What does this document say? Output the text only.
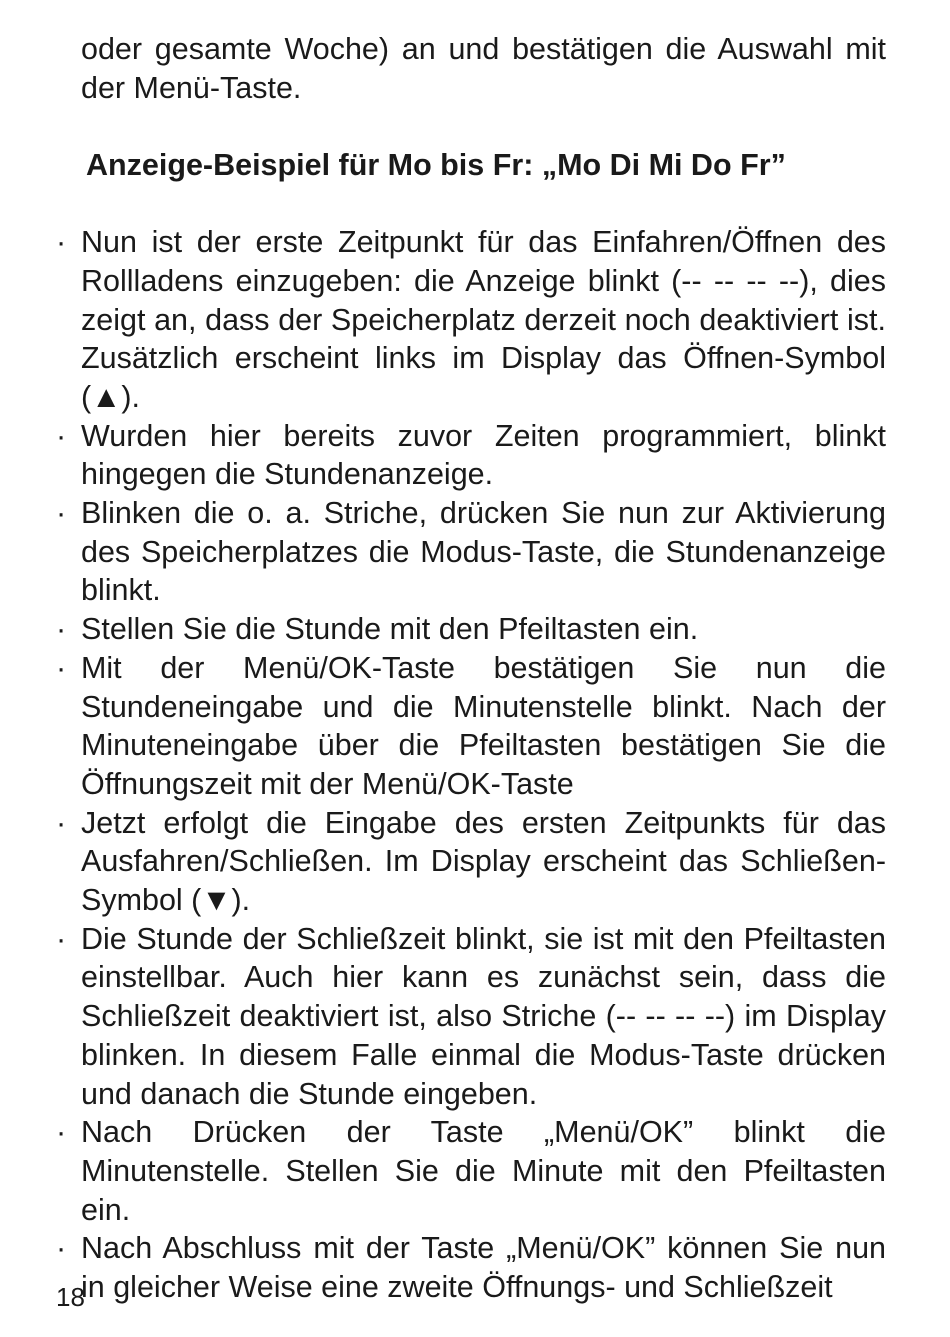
oder gesamte Woche) an und bestätigen die Auswahl mit der Menü-Taste.

Anzeige-Beispiel für Mo bis Fr: „Mo Di Mi Do Fr”

· Nun ist der erste Zeitpunkt für das Einfahren/Öffnen des Rollladens einzugeben: die Anzeige blinkt (-- -- -- --), dies zeigt an, dass der Speicherplatz derzeit noch deaktiviert ist. Zusätzlich erscheint links im Display das Öffnen-Symbol (▲).
· Wurden hier bereits zuvor Zeiten programmiert, blinkt hingegen die Stundenanzeige.
· Blinken die o. a. Striche, drücken Sie nun zur Aktivierung des Speicherplatzes die Modus-Taste, die Stundenanzeige blinkt.
· Stellen Sie die Stunde mit den Pfeiltasten ein.
· Mit der Menü/OK-Taste bestätigen Sie nun die Stundeneingabe und die Minutenstelle blinkt. Nach der Minuteneingabe über die Pfeiltasten bestätigen Sie die Öffnungszeit mit der Menü/OK-Taste
· Jetzt erfolgt die Eingabe des ersten Zeitpunkts für das Ausfahren/Schließen. Im Display erscheint das Schließen-Symbol (▼).
· Die Stunde der Schließzeit blinkt, sie ist mit den Pfeiltasten einstellbar. Auch hier kann es zunächst sein, dass die Schließzeit deaktiviert ist, also Striche (-- -- -- --) im Display blinken. In diesem Falle einmal die Modus-Taste drücken und danach die Stunde eingeben.
· Nach Drücken der Taste „Menü/OK” blinkt die Minutenstelle. Stellen Sie die Minute mit den Pfeiltasten ein.
· Nach Abschluss mit der Taste „Menü/OK” können Sie nun in gleicher Weise eine zweite Öffnungs- und Schließzeit
18
